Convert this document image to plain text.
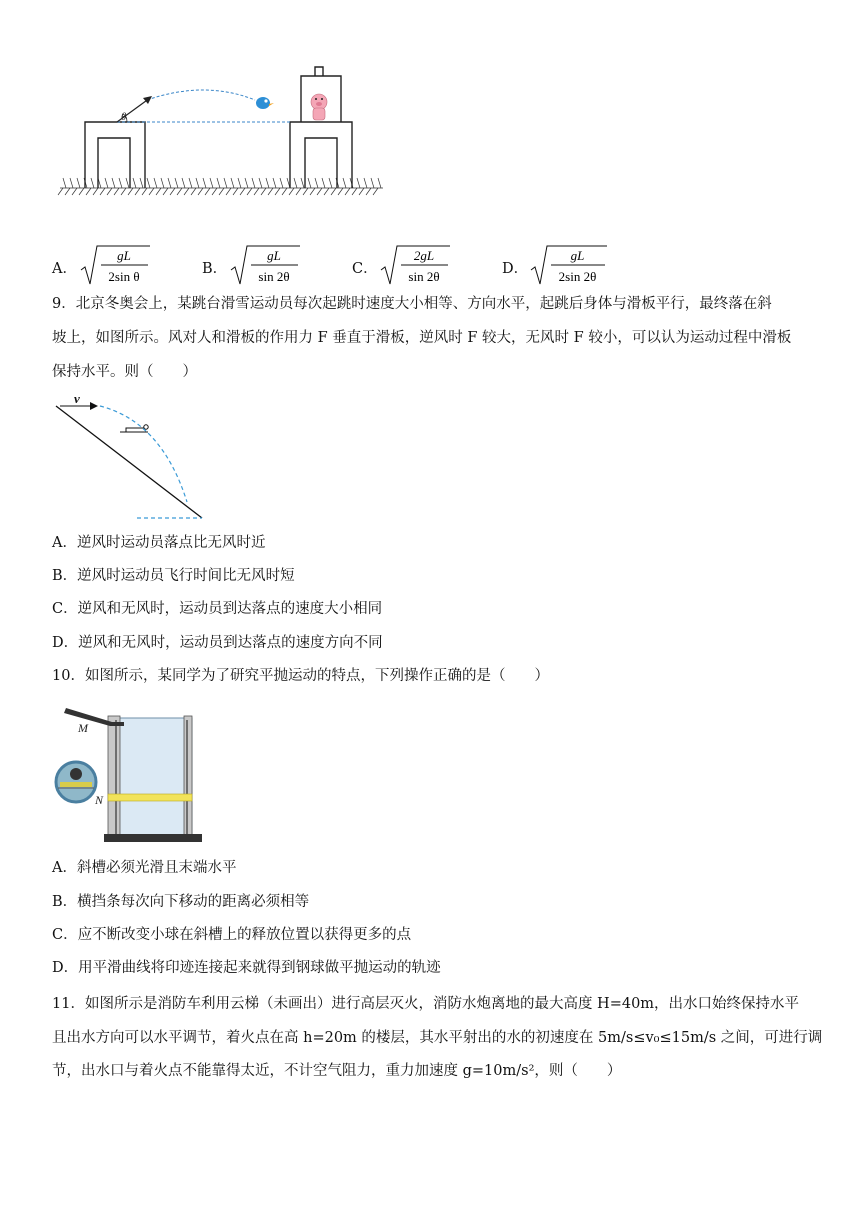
θ
A．
gL
2sin θ	B．
gL
sin 2θ	C．
2gL
sin 2θ	D．
gL
2sin 2θ
9．北京冬奥会上，某跳台滑雪运动员每次起跳时速度大小相等、方向水平，起跳后身体与滑板平行，最终落在斜
坡上，如图所示。风对人和滑板的作用力 F 垂直于滑板，逆风时 F 较大，无风时 F 较小，可以认为运动过程中滑板
保持水平。则（　　）
v
A．逆风时运动员落点比无风时近
B．逆风时运动员飞行时间比无风时短
C．逆风和无风时，运动员到达落点的速度大小相同
D．逆风和无风时，运动员到达落点的速度方向不同
10．如图所示，某同学为了研究平抛运动的特点，下列操作正确的是（　　）
M
N
A．斜槽必须光滑且末端水平
B．横挡条每次向下移动的距离必须相等
C．应不断改变小球在斜槽上的释放位置以获得更多的点
D．用平滑曲线将印迹连接起来就得到钢球做平抛运动的轨迹
11．如图所示是消防车利用云梯（未画出）进行高层灭火，消防水炮离地的最大高度 H=40m，出水口始终保持水平
且出水方向可以水平调节，着火点在高 h=20m 的楼层，其水平射出的水的初速度在 5m/s≤v₀≤15m/s 之间，可进行调
节，出水口与着火点不能靠得太近，不计空气阻力，重力加速度 g=10m/s²，则（　　）
